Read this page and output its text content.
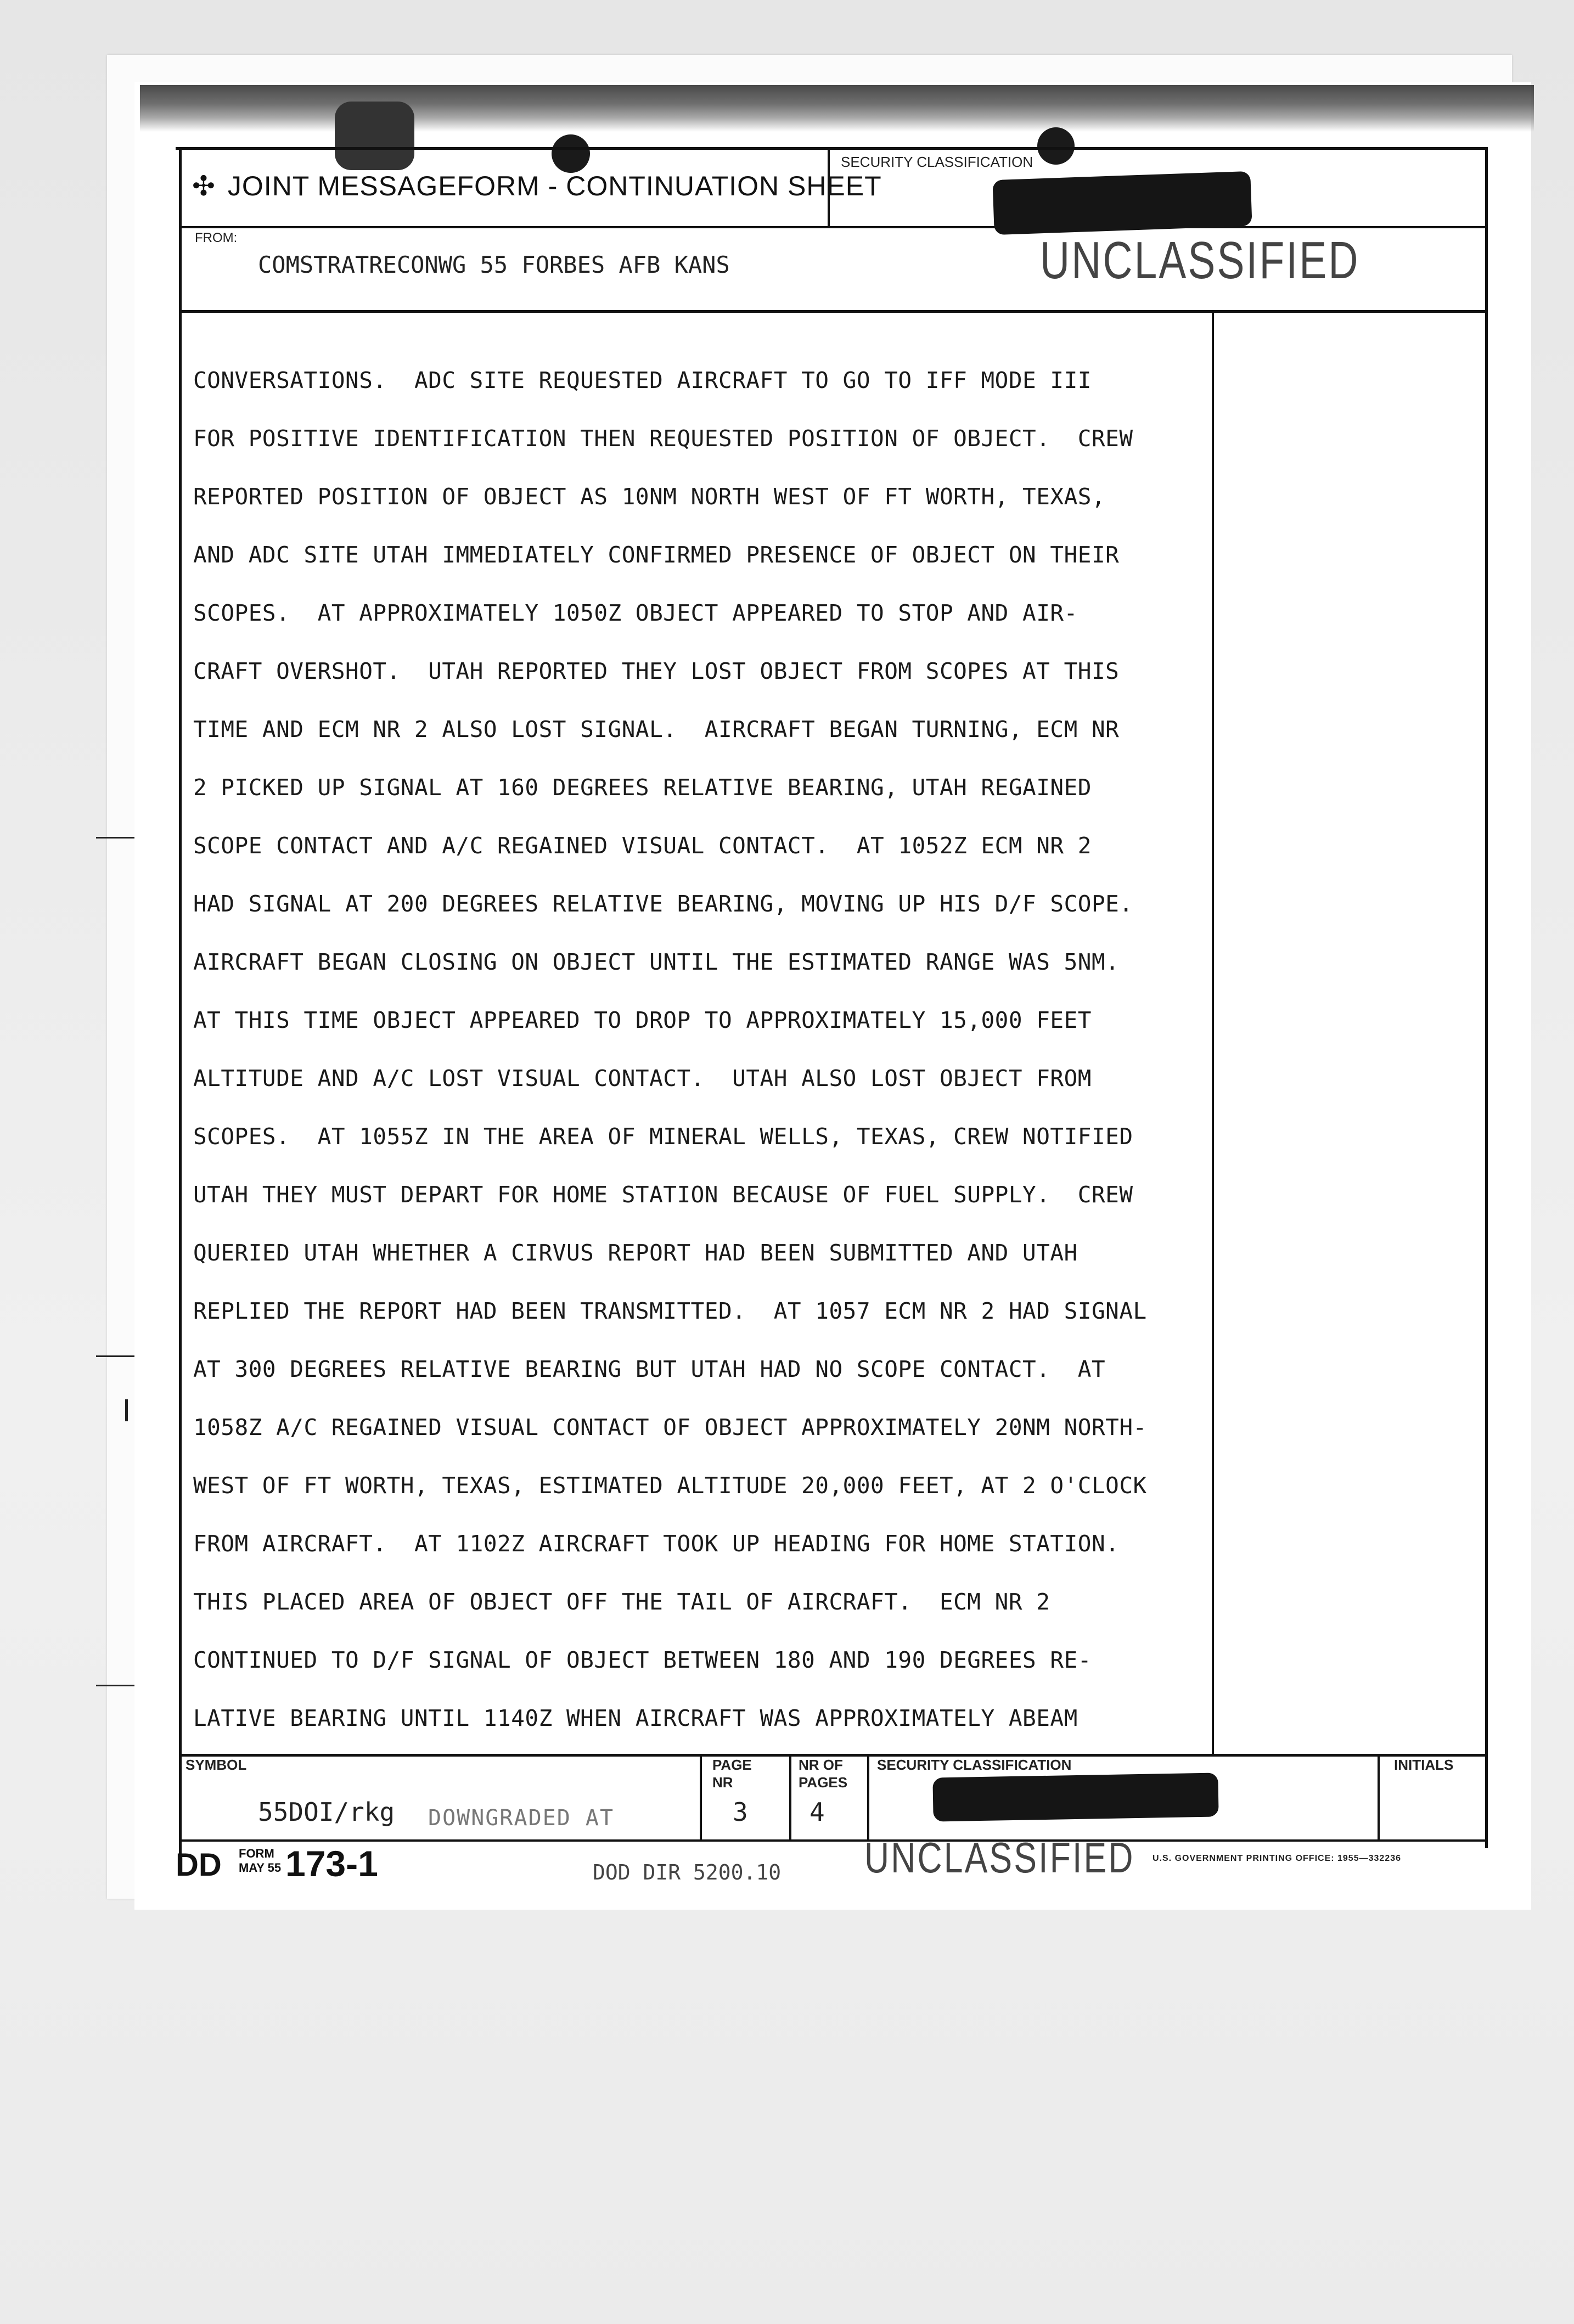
✣ JOINT MESSAGEFORM - CONTINUATION SHEET
SECURITY CLASSIFICATION
FROM:
COMSTRATRECONWG 55 FORBES AFB KANS	UNCLASSIFIED
CONVERSATIONS.  ADC SITE REQUESTED AIRCRAFT TO GO TO IFF MODE III
FOR POSITIVE IDENTIFICATION THEN REQUESTED POSITION OF OBJECT.  CREW
REPORTED POSITION OF OBJECT AS 10NM NORTH WEST OF FT WORTH, TEXAS,
AND ADC SITE UTAH IMMEDIATELY CONFIRMED PRESENCE OF OBJECT ON THEIR
SCOPES.  AT APPROXIMATELY 1050Z OBJECT APPEARED TO STOP AND AIR-
CRAFT OVERSHOT.  UTAH REPORTED THEY LOST OBJECT FROM SCOPES AT THIS
TIME AND ECM NR 2 ALSO LOST SIGNAL.  AIRCRAFT BEGAN TURNING, ECM NR
2 PICKED UP SIGNAL AT 160 DEGREES RELATIVE BEARING, UTAH REGAINED
SCOPE CONTACT AND A/C REGAINED VISUAL CONTACT.  AT 1052Z ECM NR 2
HAD SIGNAL AT 200 DEGREES RELATIVE BEARING, MOVING UP HIS D/F SCOPE.
AIRCRAFT BEGAN CLOSING ON OBJECT UNTIL THE ESTIMATED RANGE WAS 5NM.
AT THIS TIME OBJECT APPEARED TO DROP TO APPROXIMATELY 15,000 FEET
ALTITUDE AND A/C LOST VISUAL CONTACT.  UTAH ALSO LOST OBJECT FROM
SCOPES.  AT 1055Z IN THE AREA OF MINERAL WELLS, TEXAS, CREW NOTIFIED
UTAH THEY MUST DEPART FOR HOME STATION BECAUSE OF FUEL SUPPLY.  CREW
QUERIED UTAH WHETHER A CIRVUS REPORT HAD BEEN SUBMITTED AND UTAH
REPLIED THE REPORT HAD BEEN TRANSMITTED.  AT 1057 ECM NR 2 HAD SIGNAL
AT 300 DEGREES RELATIVE BEARING BUT UTAH HAD NO SCOPE CONTACT.  AT
1058Z A/C REGAINED VISUAL CONTACT OF OBJECT APPROXIMATELY 20NM NORTH-
WEST OF FT WORTH, TEXAS, ESTIMATED ALTITUDE 20,000 FEET, AT 2 O'CLOCK
FROM AIRCRAFT.  AT 1102Z AIRCRAFT TOOK UP HEADING FOR HOME STATION.
THIS PLACED AREA OF OBJECT OFF THE TAIL OF AIRCRAFT.  ECM NR 2
CONTINUED TO D/F SIGNAL OF OBJECT BETWEEN 180 AND 190 DEGREES RE-
LATIVE BEARING UNTIL 1140Z WHEN AIRCRAFT WAS APPROXIMATELY ABEAM
SYMBOL
55DOI/rkg DOWNGRADED AT
PAGE
NR
3
NR OF
PAGES
4
SECURITY CLASSIFICATION	INITIALS
DD FORM
MAY 55 173-1	DOD DIR 5200.10 UNCLASSIFIED U.S. GOVERNMENT PRINTING OFFICE: 1955—332236
